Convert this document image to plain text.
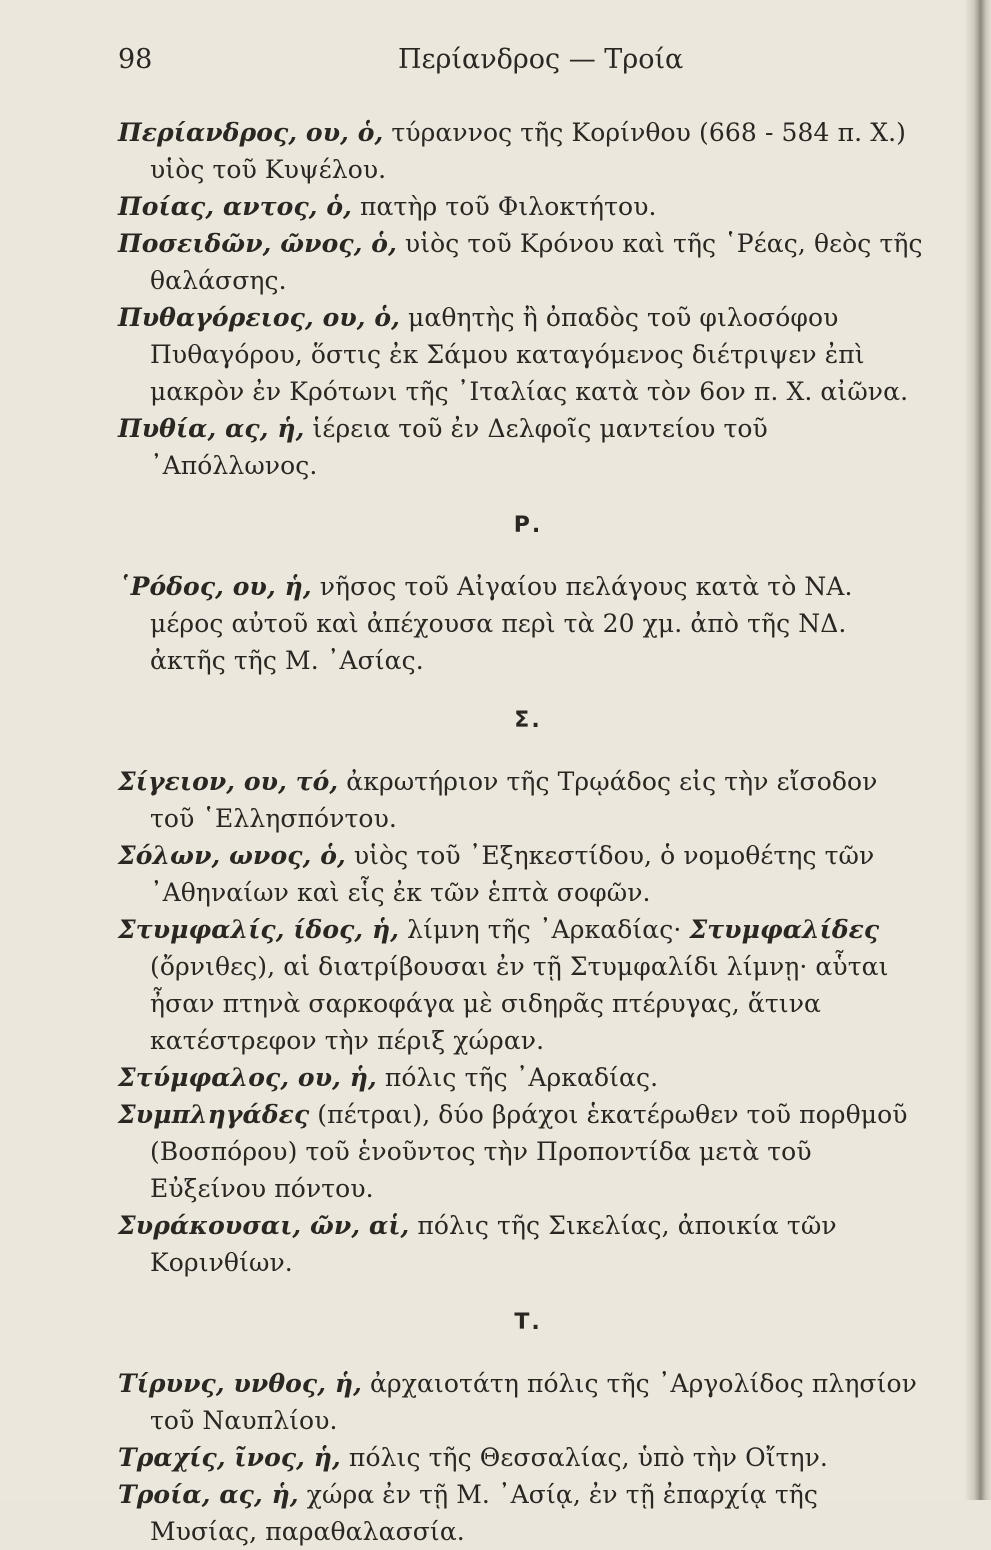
98	Περίανδρος — Τροία

Περίανδρος, ου, ὁ, τύραννος τῆς Κορίνθου (668 - 584 π. Χ.) υἱὸς τοῦ Κυψέλου.

Ποίας, αντος, ὁ, πατὴρ τοῦ Φιλοκτήτου.

Ποσειδῶν, ῶνος, ὁ, υἱὸς τοῦ Κρόνου καὶ τῆς ῾Ρέας, θεὸς τῆς θαλάσσης.

Πυθαγόρειος, ου, ὁ, μαθητὴς ἢ ὀπαδὸς τοῦ φιλοσόφου Πυθαγόρου, ὅστις ἐκ Σάμου καταγόμενος διέτριψεν ἐπὶ μακρὸν ἐν Κρότωνι τῆς ᾽Ιταλίας κατὰ τὸν 6ον π. Χ. αἰῶνα.

Πυθία, ας, ἡ, ἱέρεια τοῦ ἐν Δελφοῖς μαντείου τοῦ ᾽Απόλλωνος.

Ρ.

῾Ρόδος, ου, ἡ, νῆσος τοῦ Αἰγαίου πελάγους κατὰ τὸ ΝΑ. μέρος αὐτοῦ καὶ ἀπέχουσα περὶ τὰ 20 χμ. ἀπὸ τῆς ΝΔ. ἀκτῆς τῆς Μ. ᾽Ασίας.

Σ.

Σίγειον, ου, τό, ἀκρωτήριον τῆς Τρῳάδος εἰς τὴν εἴσοδον τοῦ ῾Ελλησπόντου.

Σόλων, ωνος, ὁ, υἱὸς τοῦ ᾽Εξηκεστίδου, ὁ νομοθέτης τῶν ᾽Αθηναίων καὶ εἷς ἐκ τῶν ἑπτὰ σοφῶν.

Στυμφαλίς, ίδος, ἡ, λίμνη τῆς ᾽Αρκαδίας· Στυμφαλίδες (ὄρνιθες), αἱ διατρίβουσαι ἐν τῇ Στυμφαλίδι λίμνῃ· αὗται ἦσαν πτηνὰ σαρκοφάγα μὲ σιδηρᾶς πτέρυγας, ἅτινα κατέστρεφον τὴν πέριξ χώραν.

Στύμφαλος, ου, ἡ, πόλις τῆς ᾽Αρκαδίας.

Συμπληγάδες (πέτραι), δύο βράχοι ἑκατέρωθεν τοῦ πορθμοῦ (Βοσπόρου) τοῦ ἑνοῦντος τὴν Προποντίδα μετὰ τοῦ Εὐξείνου πόντου.

Συράκουσαι, ῶν, αἱ, πόλις τῆς Σικελίας, ἀποικία τῶν Κορινθίων.

Τ.

Τίρυνς, υνθος, ἡ, ἀρχαιοτάτη πόλις τῆς ᾽Αργολίδος πλησίον τοῦ Ναυπλίου.

Τραχίς, ῖνος, ἡ, πόλις τῆς Θεσσαλίας, ὑπὸ τὴν Οἴτην.

Τροία, ας, ἡ, χώρα ἐν τῇ Μ. ᾽Ασίᾳ, ἐν τῇ ἐπαρχίᾳ τῆς Μυσίας, παραθαλασσία.
